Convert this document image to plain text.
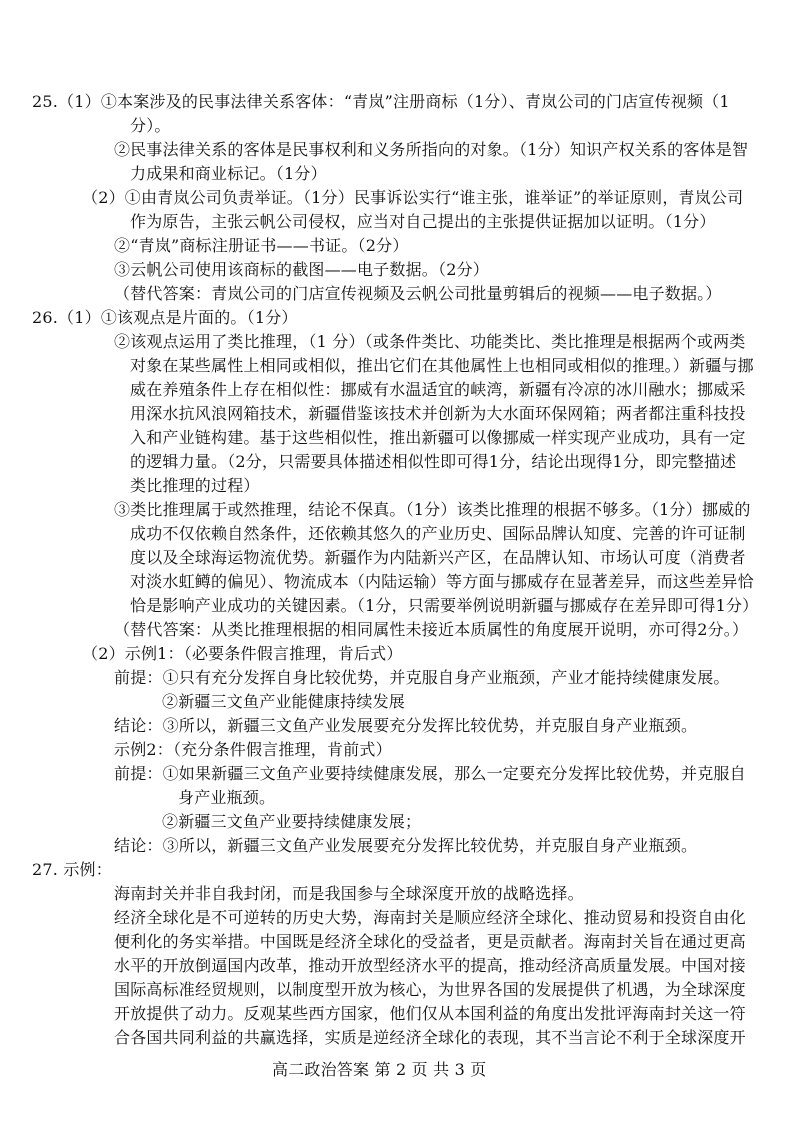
25.（1）①本案涉及的民事法律关系客体：“青岚”注册商标（1分）、青岚公司的门店宣传视频（1
分）。
②民事法律关系的客体是民事权利和义务所指向的对象。（1分）知识产权关系的客体是智
力成果和商业标记。（1分）
（2）①由青岚公司负责举证。（1分）民事诉讼实行“谁主张，谁举证”的举证原则，青岚公司
作为原告，主张云帆公司侵权，应当对自己提出的主张提供证据加以证明。（1分）
②“青岚”商标注册证书——书证。（2分）
③云帆公司使用该商标的截图——电子数据。（2分）
（替代答案：青岚公司的门店宣传视频及云帆公司批量剪辑后的视频——电子数据。）
26.（1）①该观点是片面的。（1分）
②该观点运用了类比推理，（1 分）（或条件类比、功能类比、类比推理是根据两个或两类
对象在某些属性上相同或相似，推出它们在其他属性上也相同或相似的推理。）新疆与挪
威在养殖条件上存在相似性：挪威有水温适宜的峡湾，新疆有冷凉的冰川融水；挪威采
用深水抗风浪网箱技术，新疆借鉴该技术并创新为大水面环保网箱；两者都注重科技投
入和产业链构建。基于这些相似性，推出新疆可以像挪威一样实现产业成功，具有一定
的逻辑力量。（2分，只需要具体描述相似性即可得1分，结论出现得1分，即完整描述
类比推理的过程）
③类比推理属于或然推理，结论不保真。（1分）该类比推理的根据不够多。（1分）挪威的
成功不仅依赖自然条件，还依赖其悠久的产业历史、国际品牌认知度、完善的许可证制
度以及全球海运物流优势。新疆作为内陆新兴产区，在品牌认知、市场认可度（消费者
对淡水虹鳟的偏见）、物流成本（内陆运输）等方面与挪威存在显著差异，而这些差异恰
恰是影响产业成功的关键因素。（1分，只需要举例说明新疆与挪威存在差异即可得1分）
（替代答案：从类比推理根据的相同属性未接近本质属性的角度展开说明，亦可得2分。）
（2）示例1：（必要条件假言推理，肯后式）
前提：①只有充分发挥自身比较优势，并克服自身产业瓶颈，产业才能持续健康发展。
②新疆三文鱼产业能健康持续发展
结论：③所以，新疆三文鱼产业发展要充分发挥比较优势，并克服自身产业瓶颈。
示例2：（充分条件假言推理，肯前式）
前提：①如果新疆三文鱼产业要持续健康发展，那么一定要充分发挥比较优势，并克服自
身产业瓶颈。
②新疆三文鱼产业要持续健康发展；
结论：③所以，新疆三文鱼产业发展要充分发挥比较优势，并克服自身产业瓶颈。
27. 示例：
海南封关并非自我封闭，而是我国参与全球深度开放的战略选择。
经济全球化是不可逆转的历史大势，海南封关是顺应经济全球化、推动贸易和投资自由化
便利化的务实举措。中国既是经济全球化的受益者，更是贡献者。海南封关旨在通过更高
水平的开放倒逼国内改革，推动开放型经济水平的提高，推动经济高质量发展。中国对接
国际高标准经贸规则，以制度型开放为核心，为世界各国的发展提供了机遇，为全球深度
开放提供了动力。反观某些西方国家，他们仅从本国利益的角度出发批评海南封关这一符
合各国共同利益的共赢选择，实质是逆经济全球化的表现，其不当言论不利于全球深度开
高二政治答案 第 2 页 共 3 页
